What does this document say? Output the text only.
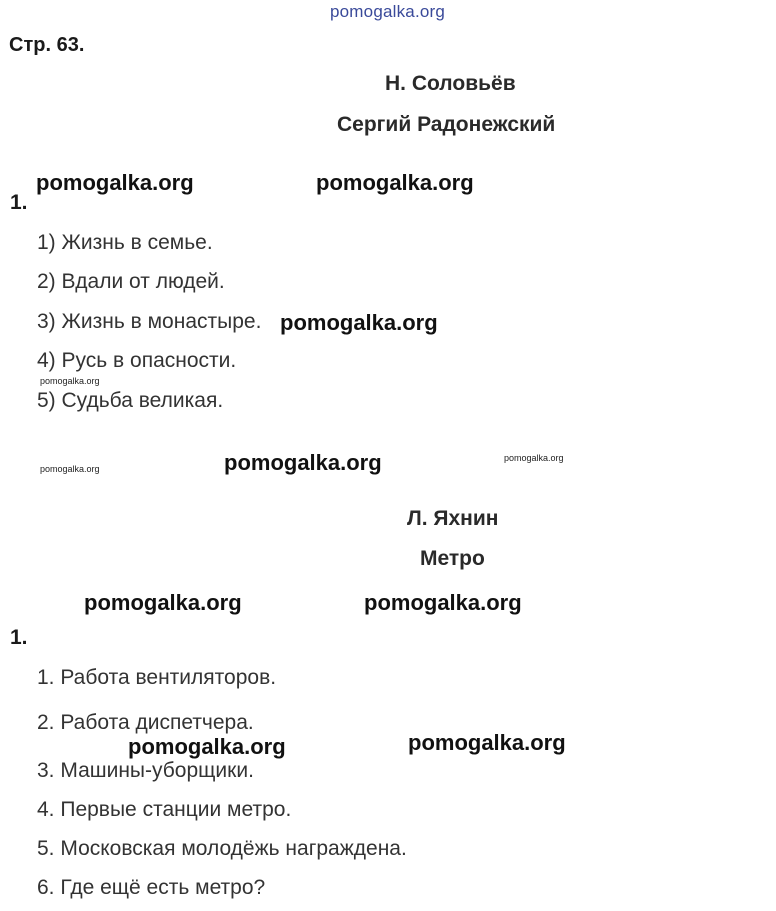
pomogalka.org
Стр. 63.
Н. Соловьёв
Сергий Радонежский
1.
1) Жизнь в семье.
2) Вдали от людей.
3) Жизнь в монастыре.
4) Русь в опасности.
5) Судьба великая.
Л. Яхнин
Метро
1.
1. Работа вентиляторов.
2. Работа диспетчера.
3. Машины-уборщики.
4. Первые станции метро.
5. Московская молодёжь награждена.
6. Где ещё есть метро?
pomogalka.org	pomogalka.org
pomogalka.org
pomogalka.org
pomogalka.org	pomogalka.org	pomogalka.org
pomogalka.org	pomogalka.org
pomogalka.org	pomogalka.org
